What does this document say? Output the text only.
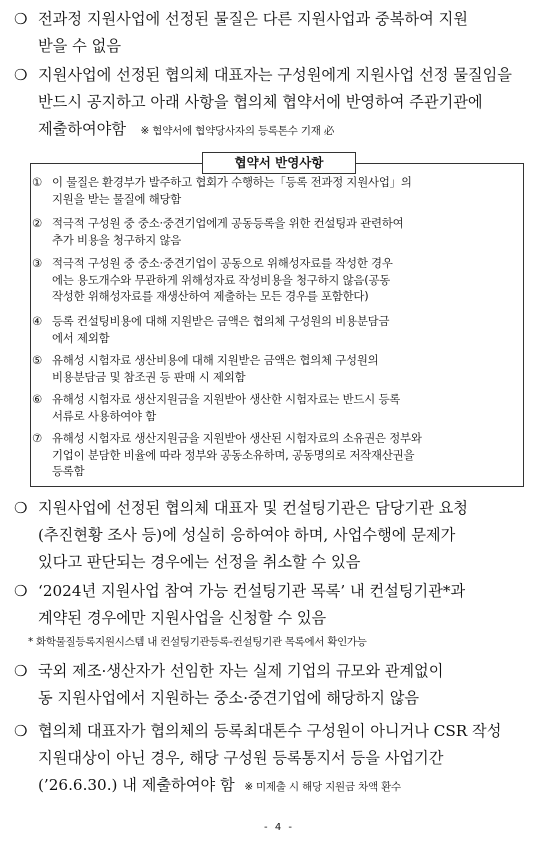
❍ 전과정 지원사업에 선정된 물질은 다른 지원사업과 중복하여 지원
받을 수 없음
❍ 지원사업에 선정된 협의체 대표자는 구성원에게 지원사업 선정 물질임을
반드시 공지하고 아래 사항을 협의체 협약서에 반영하여 주관기관에
제출하여야함 ※ 협약서에 협약당사자의 등록톤수 기재 必
협약서 반영사항
① 이 물질은 환경부가 발주하고 협회가 수행하는「등록 전과정 지원사업」의
지원을 받는 물질에 해당함
② 적극적 구성원 중 중소·중견기업에게 공동등록을 위한 컨설팅과 관련하여
추가 비용을 청구하지 않음
③ 적극적 구성원 중 중소·중견기업이 공동으로 위해성자료를 작성한 경우
에는 용도개수와 무관하게 위해성자료 작성비용을 청구하지 않음(공동
작성한 위해성자료를 재생산하여 제출하는 모든 경우를 포함한다)
④ 등록 컨설팅비용에 대해 지원받은 금액은 협의체 구성원의 비용분담금
에서 제외함
⑤ 유해성 시험자료 생산비용에 대해 지원받은 금액은 협의체 구성원의
비용분담금 및 참조권 등 판매 시 제외함
⑥ 유해성 시험자료 생산지원금을 지원받아 생산한 시험자료는 반드시 등록
서류로 사용하여야 함
⑦ 유해성 시험자료 생산지원금을 지원받아 생산된 시험자료의 소유권은 정부와
기업이 분담한 비율에 따라 정부와 공동소유하며, 공동명의로 저작재산권을
등록함
❍ 지원사업에 선정된 협의체 대표자 및 컨설팅기관은 담당기관 요청
(추진현황 조사 등)에 성실히 응하여야 하며, 사업수행에 문제가
있다고 판단되는 경우에는 선정을 취소할 수 있음
❍ ‘2024년 지원사업 참여 가능 컨설팅기관 목록’ 내 컨설팅기관*과
계약된 경우에만 지원사업을 신청할 수 있음
* 화학물질등록지원시스템 내 컨설팅기관등록-컨설팅기관 목록에서 확인가능
❍ 국외 제조·생산자가 선임한 자는 실제 기업의 규모와 관계없이
동 지원사업에서 지원하는 중소·중견기업에 해당하지 않음
❍ 협의체 대표자가 협의체의 등록최대톤수 구성원이 아니거나 CSR 작성
지원대상이 아닌 경우, 해당 구성원 등록통지서 등을 사업기간
(’26.6.30.) 내 제출하여야 함 ※ 미제출 시 해당 지원금 차액 환수
- 4 -
